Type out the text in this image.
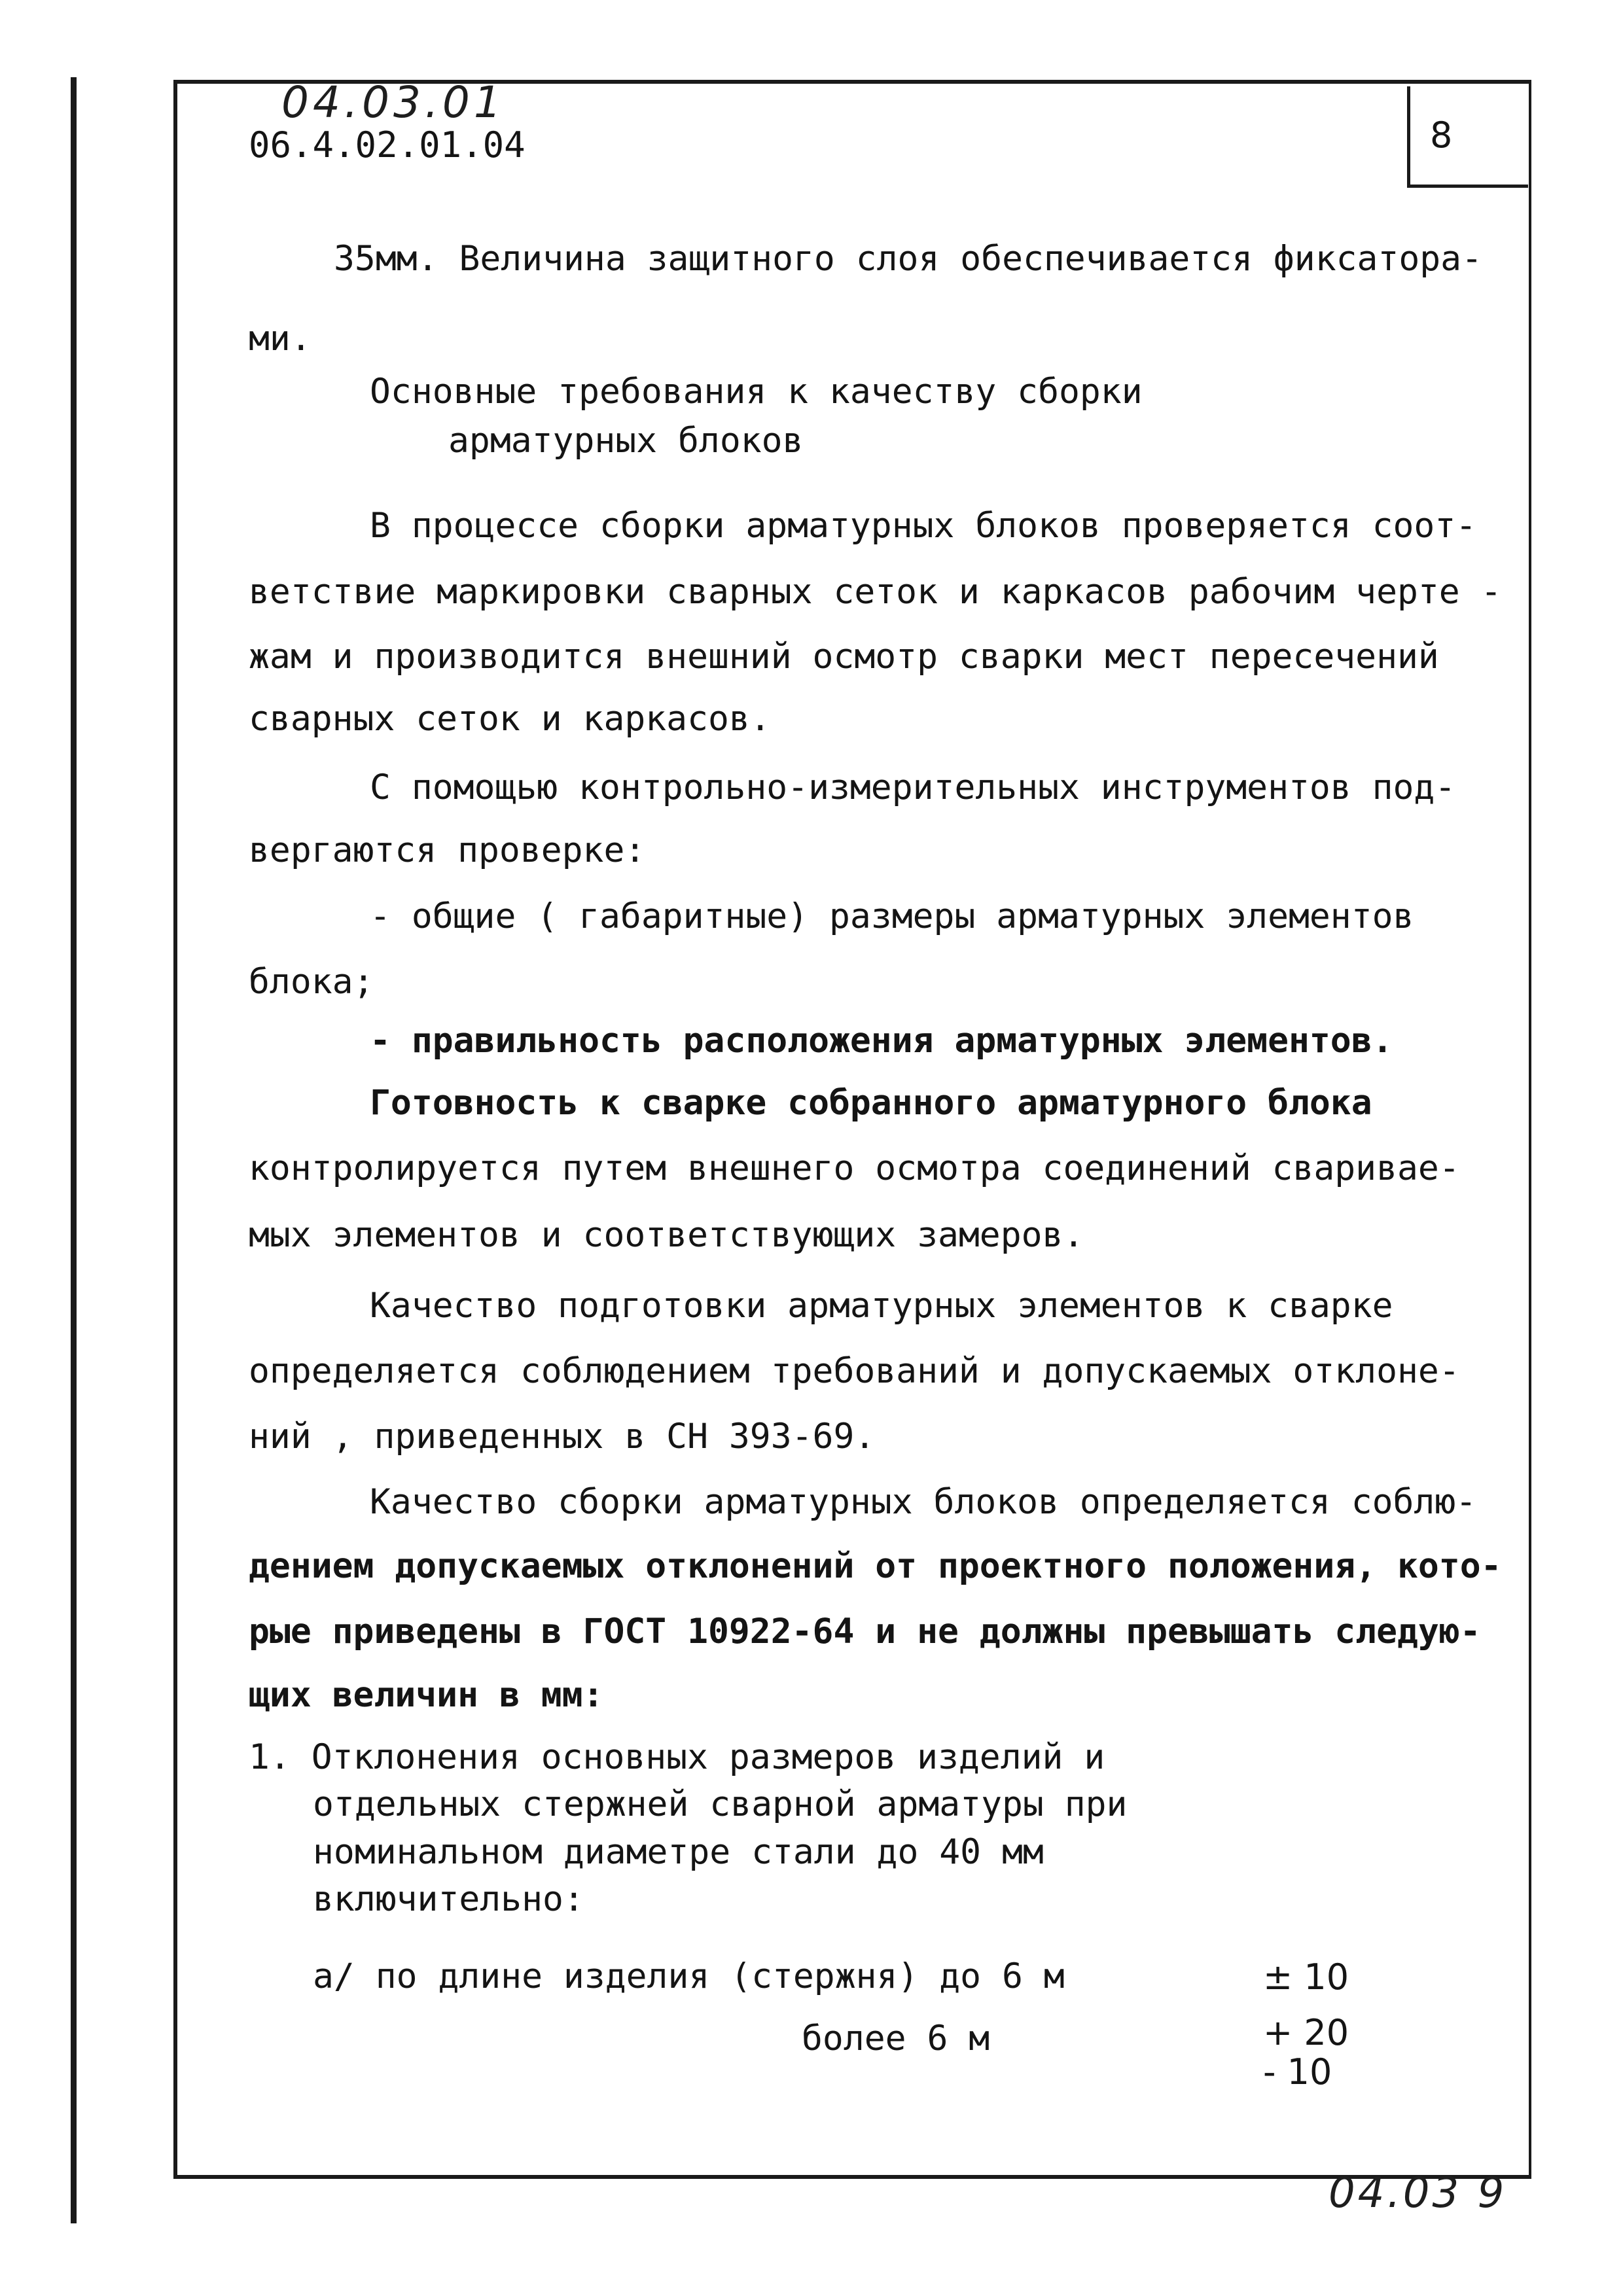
04.03.01
06.4.02.01.04	8
35мм. Величина защитного слоя обеспечивается фиксатора-
ми.
Основные требования к качеству сборки
арматурных блоков
В процессе сборки арматурных блоков проверяется соот-
ветствие маркировки сварных сеток и каркасов рабочим черте -
жам и производится внешний осмотр сварки мест пересечений
сварных сеток и каркасов.
С помощью контрольно-измерительных инструментов под-
вергаются проверке:
- общие ( габаритные) размеры арматурных элементов
блока;
- правильность расположения арматурных элементов.
Готовность к сварке собранного арматурного блока
контролируется путем внешнего осмотра соединений сваривае-
мых элементов и соответствующих замеров.
Качество подготовки арматурных элементов к сварке
определяется соблюдением требований и допускаемых отклоне-
ний , приведенных в СН 393-69.
Качество сборки арматурных блоков определяется соблю-
дением допускаемых отклонений от проектного положения, кото-
рые приведены в ГОСТ 10922-64 и не должны превышать следую-
щих величин в мм:
1. Отклонения основных размеров изделий и
отдельных стержней сварной арматуры при
номинальном диаметре стали до 40 мм
включительно:
а/ по длине изделия (стержня) до 6 м	± 10
более 6 м	+ 20
- 10
04.03 9
